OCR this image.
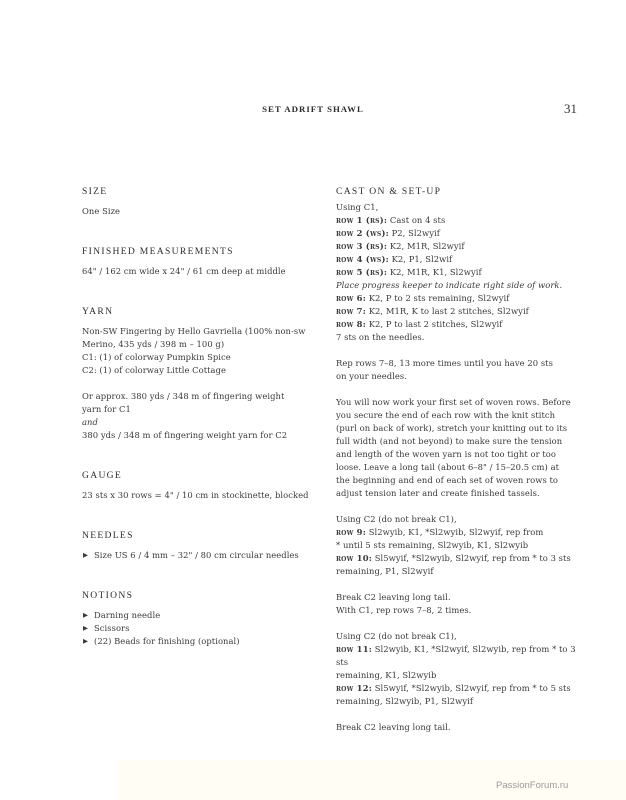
SET ADRIFT SHAWL	31
SIZE

One Size

FINISHED MEASUREMENTS

64" / 162 cm wide x 24" / 61 cm deep at middle

YARN

Non-SW Fingering by Hello Gavriella (100% non-sw

Merino, 435 yds / 398 m – 100 g)

C1: (1) of colorway Pumpkin Spice

C2: (1) of colorway Little Cottage

Or approx. 380 yds / 348 m of fingering weight

yarn for C1

and

380 yds / 348 m of fingering weight yarn for C2

GAUGE

23 sts x 30 rows = 4" / 10 cm in stockinette, blocked

NEEDLES
▶ Size US 6 / 4 mm – 32" / 80 cm circular needles
NOTIONS
▶ Darning needle
▶ Scissors
▶ (22) Beads for finishing (optional)
CAST ON & SET-UP

Using C1,

row 1 (rs): Cast on 4 sts

row 2 (ws): P2, Sl2wyif

row 3 (rs): K2, M1R, Sl2wyif

row 4 (ws): K2, P1, Sl2wif

row 5 (rs): K2, M1R, K1, Sl2wyif

Place progress keeper to indicate right side of work.

row 6: K2, P to 2 sts remaining, Sl2wyif

row 7: K2, M1R, K to last 2 stitches, Sl2wyif

row 8: K2, P to last 2 stitches, Sl2wyif

7 sts on the needles.

Rep rows 7–8, 13 more times until you have 20 sts

on your needles.

You will now work your first set of woven rows. Before

you secure the end of each row with the knit stitch

(purl on back of work), stretch your knitting out to its

full width (and not beyond) to make sure the tension

and length of the woven yarn is not too tight or too

loose. Leave a long tail (about 6–8" / 15–20.5 cm) at

the beginning and end of each set of woven rows to

adjust tension later and create finished tassels.

Using C2 (do not break C1),

row 9: Sl2wyib, K1, *Sl2wyib, Sl2wyif, rep from

* until 5 sts remaining, Sl2wyib, K1, Sl2wyib

row 10: Sl5wyif, *Sl2wyib, Sl2wyif, rep from * to 3 sts

remaining, P1, Sl2wyif

Break C2 leaving long tail.

With C1, rep rows 7–8, 2 times.

Using C2 (do not break C1),

row 11: Sl2wyib, K1, *Sl2wyif, Sl2wyib, rep from * to 3 sts

remaining, K1, Sl2wyib

row 12: Sl5wyif, *Sl2wyib, Sl2wyif, rep from * to 5 sts

remaining, Sl2wyib, P1, Sl2wyif

Break C2 leaving long tail.

PassionForum.ru
